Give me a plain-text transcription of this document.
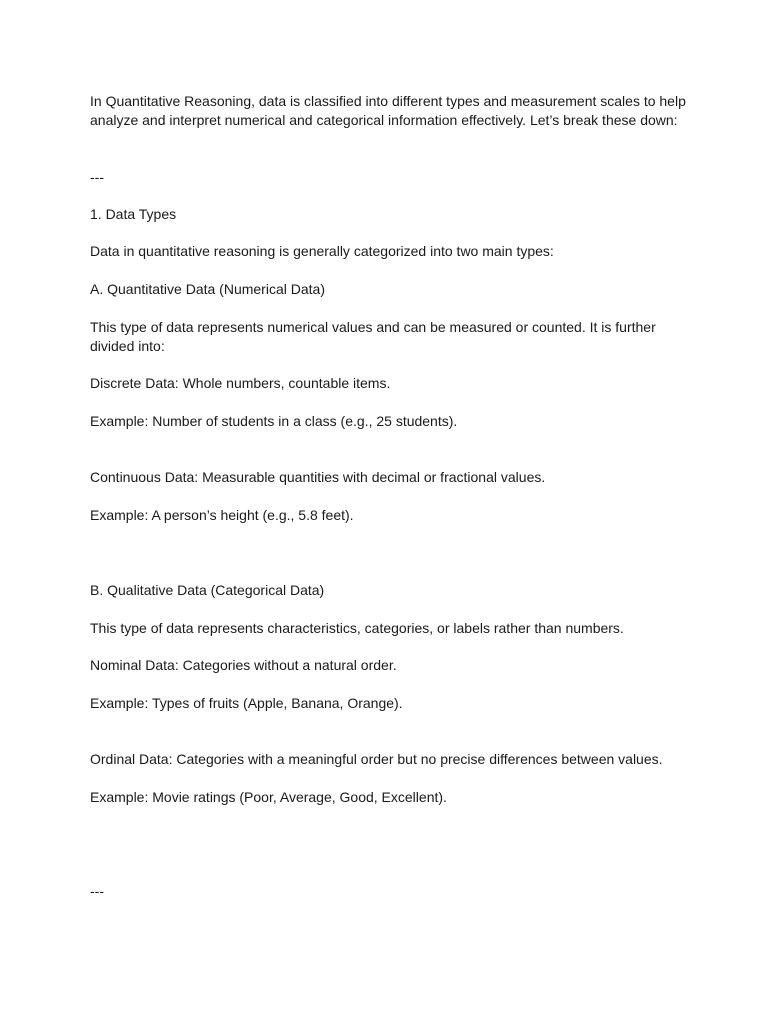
In Quantitative Reasoning, data is classified into different types and measurement scales to help analyze and interpret numerical and categorical information effectively. Let’s break these down:
---
1. Data Types
Data in quantitative reasoning is generally categorized into two main types:
A. Quantitative Data (Numerical Data)
This type of data represents numerical values and can be measured or counted. It is further divided into:
Discrete Data: Whole numbers, countable items.
Example: Number of students in a class (e.g., 25 students).
Continuous Data: Measurable quantities with decimal or fractional values.
Example: A person’s height (e.g., 5.8 feet).
B. Qualitative Data (Categorical Data)
This type of data represents characteristics, categories, or labels rather than numbers.
Nominal Data: Categories without a natural order.
Example: Types of fruits (Apple, Banana, Orange).
Ordinal Data: Categories with a meaningful order but no precise differences between values.
Example: Movie ratings (Poor, Average, Good, Excellent).
---
